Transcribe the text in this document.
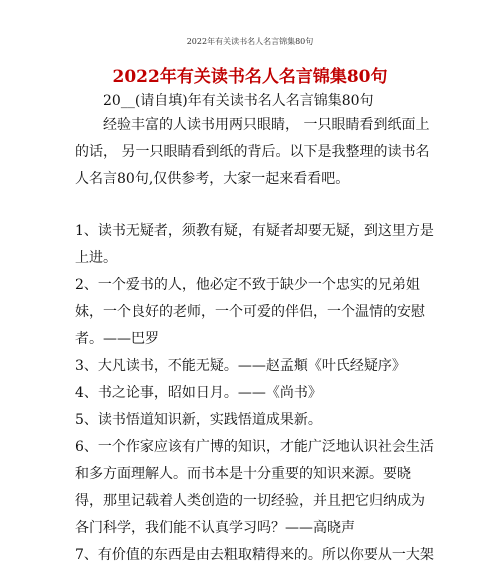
2022年有关读书名人名言锦集80句
2022年有关读书名人名言锦集80句
20__(请自填)年有关读书名人名言锦集80句

经验丰富的人读书用两只眼睛， 一只眼睛看到纸面上的话， 另一只眼睛看到纸的背后。以下是我整理的读书名人名言80句,仅供参考，大家一起来看看吧。

1、读书无疑者，须教有疑，有疑者却要无疑，到这里方是上进。

2、一个爱书的人，他必定不致于缺少一个忠实的兄弟姐妹，一个良好的老师，一个可爱的伴侣，一个温情的安慰者。——巴罗

3、大凡读书，不能无疑。——赵孟頫《叶氏经疑序》

4、书之论事，昭如日月。——《尚书》

5、读书悟道知识新，实践悟道成果新。

6、一个作家应该有广博的知识，才能广泛地认识社会生活和多方面理解人。而书本是十分重要的知识来源。要晓得，那里记载着人类创造的一切经验，并且把它归纳成为各门科学，我们能不认真学习吗？——高晓声

7、有价值的东西是由去粗取精得来的。所以你要从一大架
